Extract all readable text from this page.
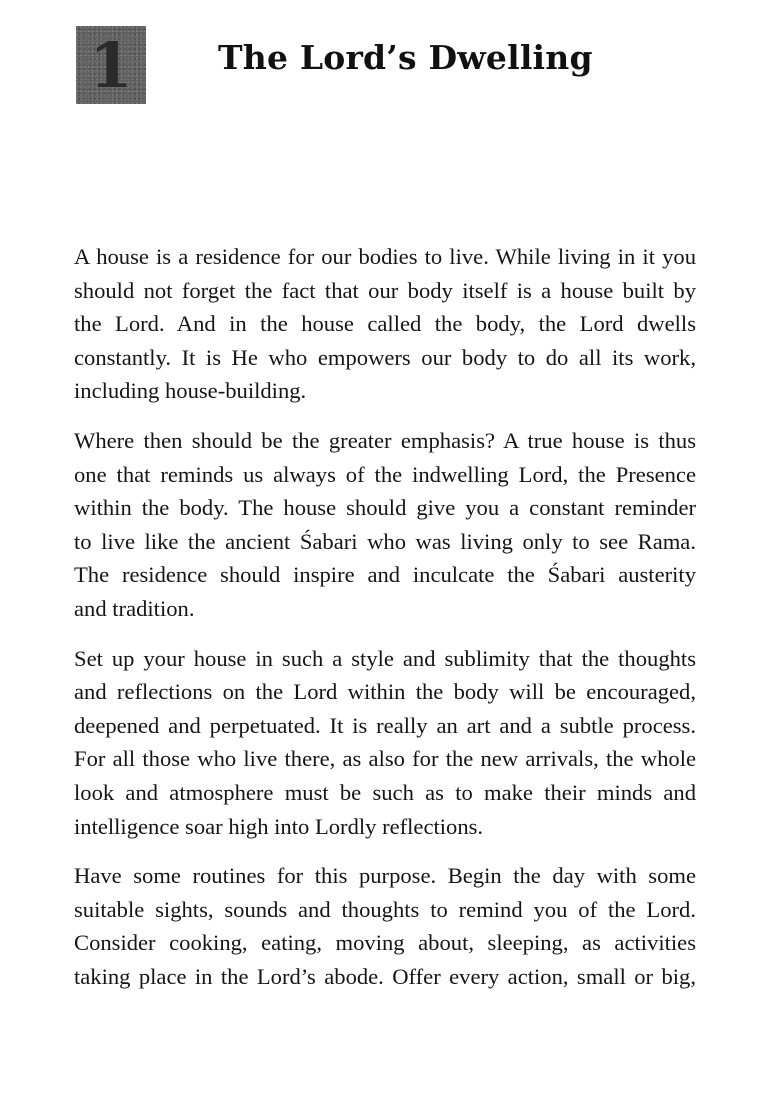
1	The Lord’s Dwelling

A house is a residence for our bodies to live. While living in it you
should not forget the fact that our body itself is a house built by
the Lord. And in the house called the body, the Lord dwells
constantly. It is He who empowers our body to do all its work,
including house-building.

Where then should be the greater emphasis? A true house is thus
one that reminds us always of the indwelling Lord, the Presence
within the body. The house should give you a constant reminder
to live like the ancient Śabari who was living only to see Rama.
The residence should inspire and inculcate the Śabari austerity
and tradition.

Set up your house in such a style and sublimity that the thoughts
and reflections on the Lord within the body will be encouraged,
deepened and perpetuated. It is really an art and a subtle process.
For all those who live there, as also for the new arrivals, the whole
look and atmosphere must be such as to make their minds and
intelligence soar high into Lordly reflections.

Have some routines for this purpose. Begin the day with some
suitable sights, sounds and thoughts to remind you of the Lord.
Consider cooking, eating, moving about, sleeping, as activities
taking place in the Lord’s abode. Offer every action, small or big,
